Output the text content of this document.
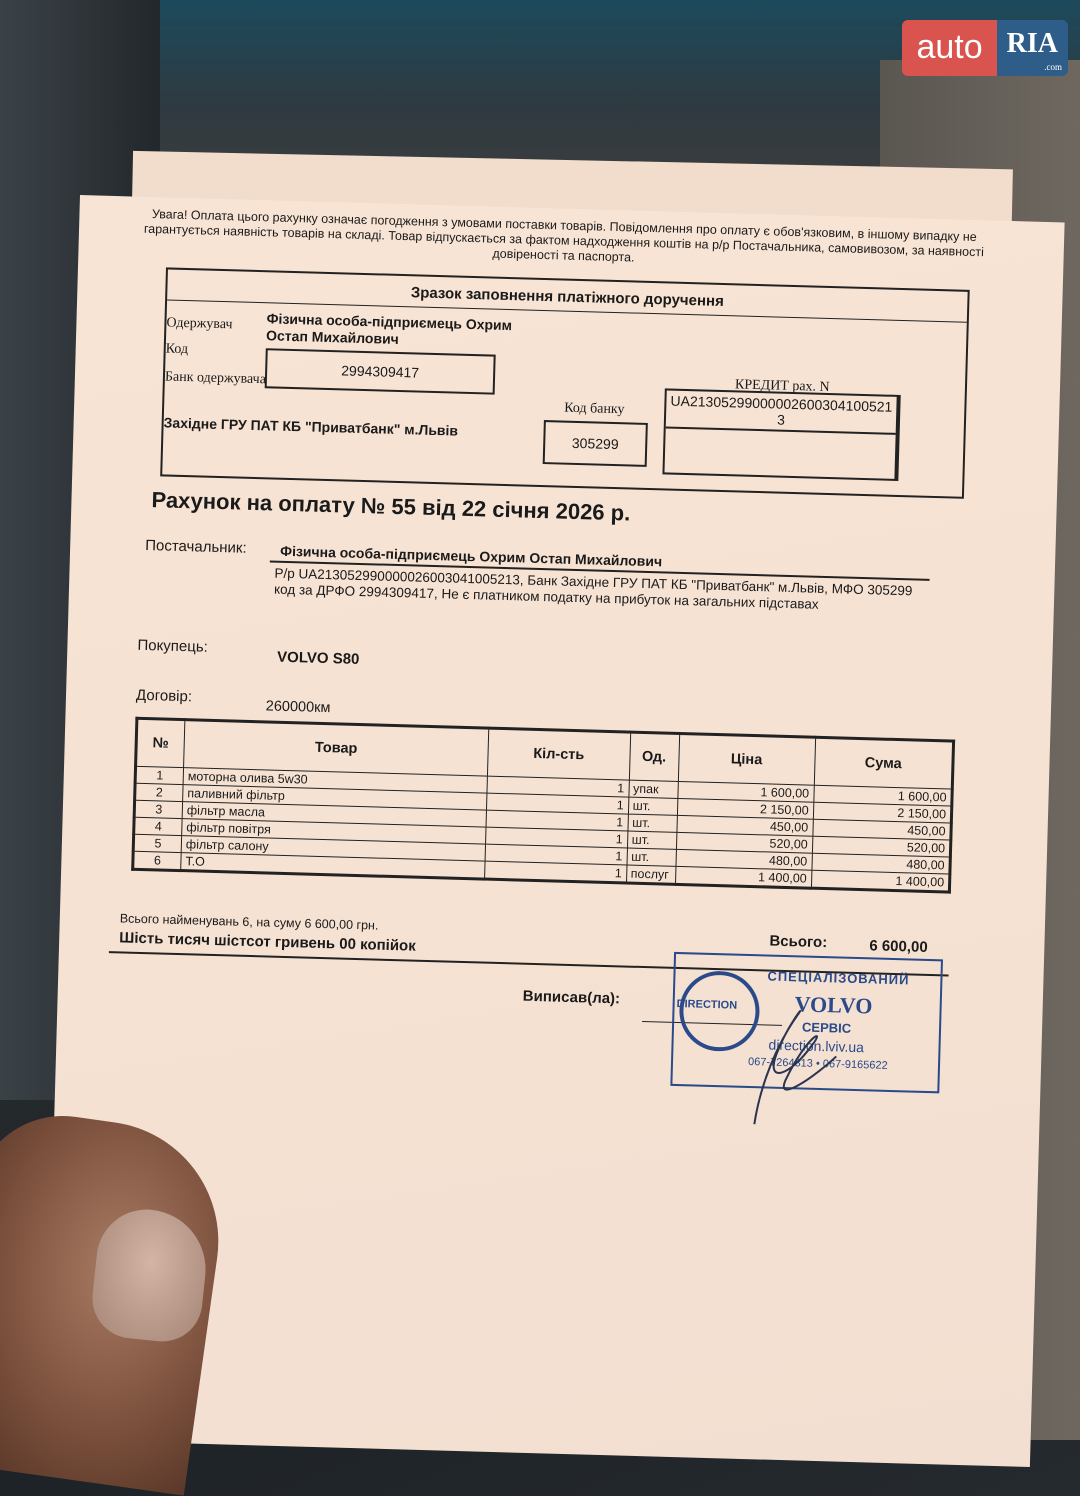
auto RIA
.com
Увага! Оплата цього рахунку означає погодження з умовами поставки товарів. Повідомлення про оплату є обов'язковим, в іншому випадку не гарантується наявність товарів на складі. Товар відпускається за фактом надходження коштів на р/р Постачальника, самовивозом, за наявності довіреності та паспорта.
Зразок заповнення платіжного доручення
Одержувач Фізична особа-підприємець Охрим Остап Михайлович
Код
2994309417
Банк одержувача
Західне ГРУ ПАТ КБ "Приватбанк" м.Львів
Код банку
305299
КРЕДИТ рах. N
UA213052990000026003041005213
Рахунок на оплату № 55 від 22 січня 2026 р.
Постачальник: Фізична особа-підприємець Охрим Остап Михайлович
Р/р UA213052990000026003041005213, Банк Західне ГРУ ПАТ КБ "Приватбанк" м.Львів, МФО 305299 код за ДРФО 2994309417, Не є платником податку на прибуток на загальних підставах
Покупець:
VOLVO S80
Договір:
260000км
№	Товар	Кіл-сть	Од.	Ціна	Сума
1	моторна олива 5w30	1	упак	1 600,00	1 600,00
2	паливний фільтр	1	шт.	2 150,00	2 150,00
3	фільтр масла	1	шт.	450,00	450,00
4	фільтр повітря	1	шт.	520,00	520,00
5	фільтр салону	1	шт.	480,00	480,00
6	Т.О	1	послуг	1 400,00	1 400,00
Всього найменувань 6, на суму 6 600,00 грн.
Шість тисяч шістсот гривень 00 копійок	Всього:	6 600,00
Виписав(ла):	DIRECTION
СПЕЦІАЛІЗОВАНИЙ
VOLVO
СЕРВІС
direction.lviv.ua
067-7264313 • 067-9165622
